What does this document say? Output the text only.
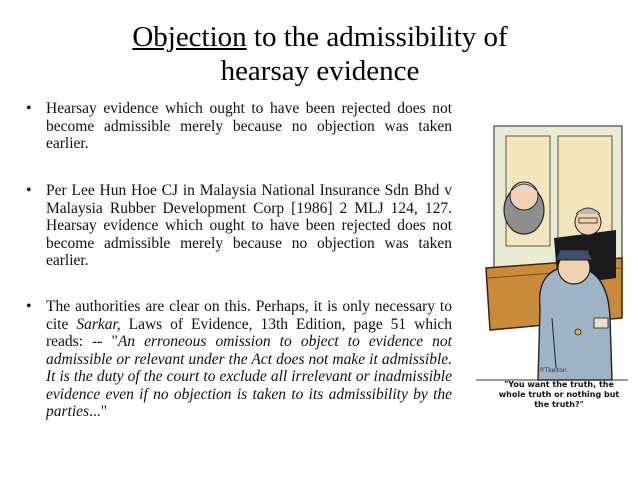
Objection to the admissibility of
hearsay evidence
• Hearsay evidence which ought to have been rejected does not become admissible merely because no objection was taken earlier.
• Per Lee Hun Hoe CJ in Malaysia National Insurance Sdn Bhd v Malaysia Rubber Development Corp [1986] 2 MLJ 124, 127. Hearsay evidence which ought to have been rejected does not become admissible merely because no objection was taken earlier.
• The authorities are clear on this. Perhaps, it is only necessary to cite Sarkar, Laws of Evidence, 13th Edition, page 51 which reads: -- "An erroneous omission to object to evidence not admissible or relevant under the Act does not make it admissible. It is the duty of the court to exclude all irrelevant or inadmissible evidence even if no objection is taken to its admissibility by the parties..."
P.Tkelton
"You want the truth, the whole truth or nothing but the truth?"
